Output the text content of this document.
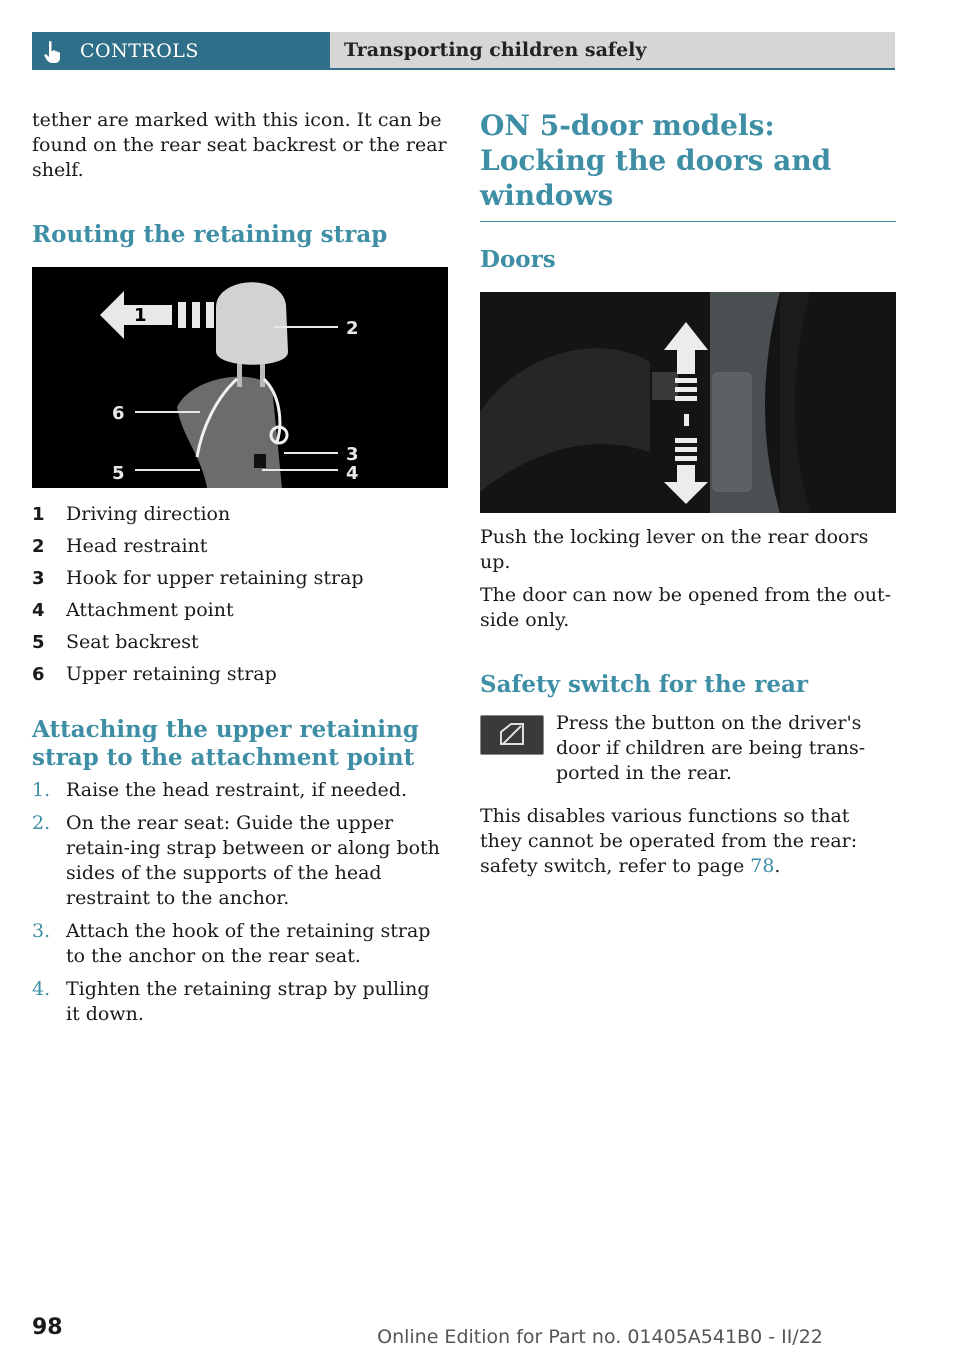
CONTROLS	Transporting children safely

tether are marked with this icon. It can be found on the rear seat backrest or the rear shelf.

Routing the retaining strap
1
2
3
4
5
6
1	Driving direction
2	Head restraint
3	Hook for upper retaining strap
4	Attachment point
5	Seat backrest
6	Upper retaining strap
Attaching the upper retaining strap to the attachment point
1. Raise the head restraint, if needed.
2. On the rear seat: Guide the upper retain-ing strap between or along both sides of the supports of the head restraint to the anchor.
3. Attach the hook of the retaining strap to the anchor on the rear seat.
4. Tighten the retaining strap by pulling it down.
ON 5-door models: Locking the doors and windows
Doors

Push the locking lever on the rear doors up.

The door can now be opened from the out-side only.

Safety switch for the rear

Press the button on the driver's door if children are being trans-ported in the rear.

This disables various functions so that they cannot be operated from the rear: safety switch, refer to page 78.

98	Online Edition for Part no. 01405A541B0 - II/22
